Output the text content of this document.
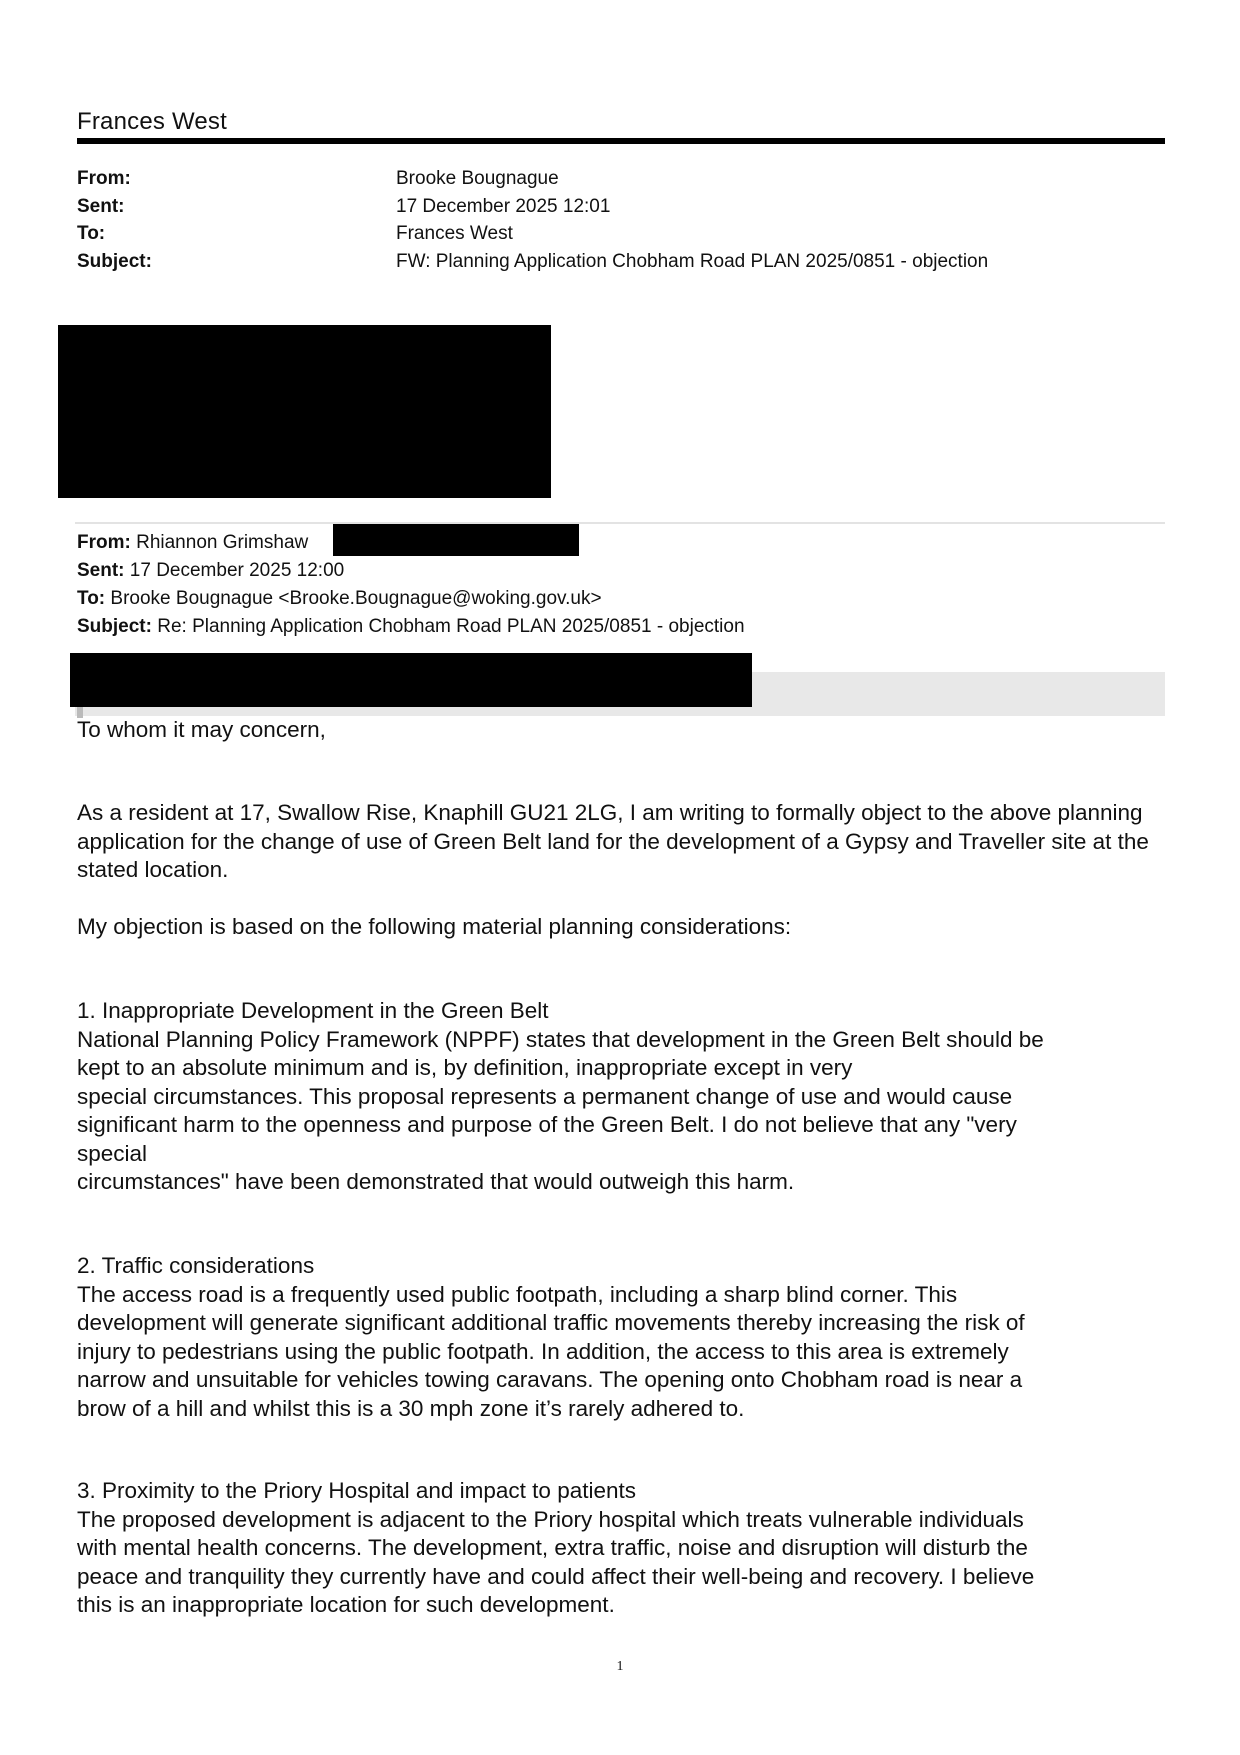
Frances West
From:	Brooke Bougnague
Sent:	17 December 2025 12:01
To:	Frances West
Subject:	FW: Planning Application Chobham Road PLAN 2025/0851 - objection
From: Rhiannon Grimshaw
Sent: 17 December 2025 12:00
To: Brooke Bougnague <Brooke.Bougnague@woking.gov.uk>
Subject: Re: Planning Application Chobham Road PLAN 2025/0851 - objection
To whom it may concern,
As a resident at 17, Swallow Rise, Knaphill GU21 2LG, I am writing to formally object to the above planning application for the change of use of Green Belt land for the development of a Gypsy and Traveller site at the stated location.
My objection is based on the following material planning considerations:

1. Inappropriate Development in the Green Belt

National Planning Policy Framework (NPPF) states that development in the Green Belt should be

kept to an absolute minimum and is, by definition, inappropriate except in very

special circumstances. This proposal represents a permanent change of use and would cause

significant harm to the openness and purpose of the Green Belt. I do not believe that any "very

special

circumstances" have been demonstrated that would outweigh this harm.

2. Traffic considerations

The access road is a frequently used public footpath, including a sharp blind corner. This

development will generate significant additional traffic movements thereby increasing the risk of

injury to pedestrians using the public footpath. In addition, the access to this area is extremely

narrow and unsuitable for vehicles towing caravans. The opening onto Chobham road is near a

brow of a hill and whilst this is a 30 mph zone it’s rarely adhered to.

3. Proximity to the Priory Hospital and impact to patients

The proposed development is adjacent to the Priory hospital which treats vulnerable individuals

with mental health concerns. The development, extra traffic, noise and disruption will disturb the

peace and tranquility they currently have and could affect their well-being and recovery. I believe

this is an inappropriate location for such development.

1
